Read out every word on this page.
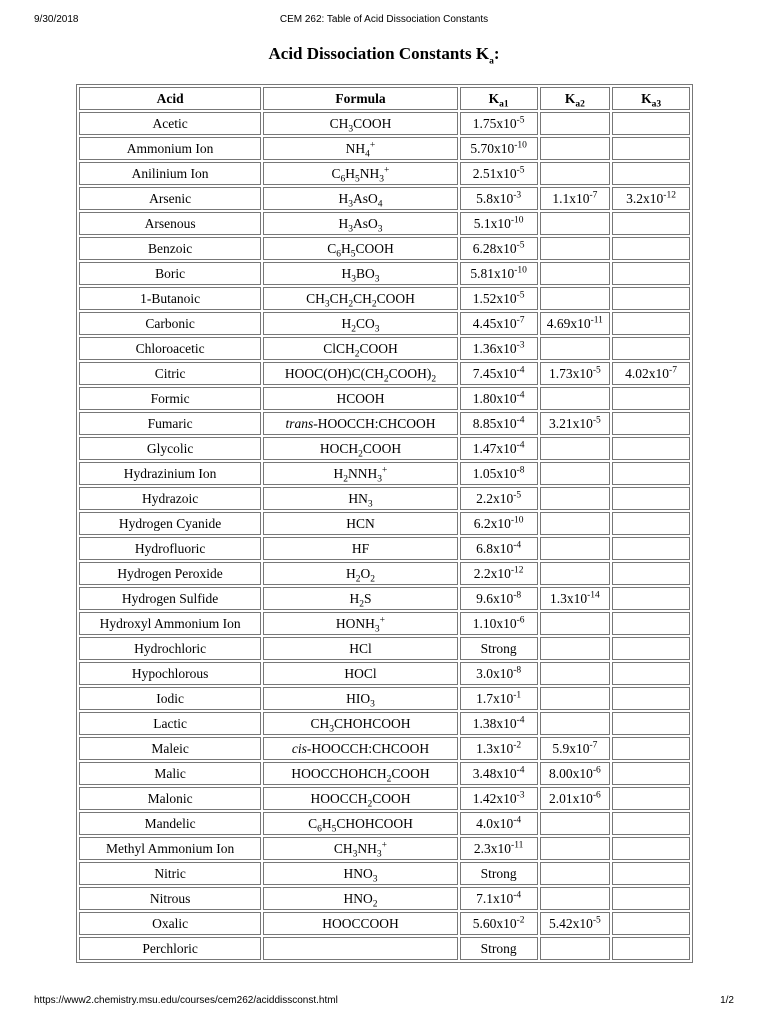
9/30/2018	CEM 262: Table of Acid Dissociation Constants
Acid Dissociation Constants $K_a$:
Acid	Formula	$K_{a1}$	$K_{a2}$	$K_{a3}$
Acetic	$CH_3COOH$	$1.75x10^{-5}$		
Ammonium Ion	$NH_4^+$	$5.70x10^{-10}$		
Anilinium Ion	$C_6H_5NH_3^+$	$2.51x10^{-5}$		
Arsenic	$H_3AsO_4$	$5.8x10^{-3}$	$1.1x10^{-7}$	$3.2x10^{-12}$
Arsenous	$H_3AsO_3$	$5.1x10^{-10}$		
Benzoic	$C_6H_5COOH$	$6.28x10^{-5}$		
Boric	$H_3BO_3$	$5.81x10^{-10}$		
1-Butanoic	$CH_3CH_2CH_2COOH$	$1.52x10^{-5}$		
Carbonic	$H_2CO_3$	$4.45x10^{-7}$	$4.69x10^{-11}$	
Chloroacetic	ClCH$_2$COOH	$1.36x10^{-3}$		
Citric	$HOOC(OH)C(CH_2COOH)_2$	$7.45x10^{-4}$	$1.73x10^{-5}$	$4.02x10^{-7}$
Formic	HCOOH	$1.80x10^{-4}$		
Fumaric	trans-HOOCCH:CHCOOH	$8.85x10^{-4}$	$3.21x10^{-5}$	
Glycolic	$HOCH_2COOH$	$1.47x10^{-4}$		
Hydrazinium Ion	$H_2NNH_3^+$	$1.05x10^{-8}$		
Hydrazoic	$HN_3$	$2.2x10^{-5}$		
Hydrogen Cyanide	HCN	$6.2x10^{-10}$		
Hydrofluoric	HF	$6.8x10^{-4}$		
Hydrogen Peroxide	$H_2O_2$	$2.2x10^{-12}$		
Hydrogen Sulfide	$H_2S$	$9.6x10^{-8}$	$1.3x10^{-14}$	
Hydroxyl Ammonium Ion	$HONH_3^+$	$1.10x10^{-6}$		
Hydrochloric	HCl	Strong		
Hypochlorous	HOCl	$3.0x10^{-8}$		
Iodic	$HIO_3$	$1.7x10^{-1}$		
Lactic	$CH_3CHOHCOOH$	$1.38x10^{-4}$		
Maleic	cis-HOOCCH:CHCOOH	$1.3x10^{-2}$	$5.9x10^{-7}$	
Malic	$HOOCCHOHCH_2COOH$	$3.48x10^{-4}$	$8.00x10^{-6}$	
Malonic	$HOOCCH_2COOH$	$1.42x10^{-3}$	$2.01x10^{-6}$	
Mandelic	$C_6H_5CHOHCOOH$	$4.0x10^{-4}$		
Methyl Ammonium Ion	$CH_3NH_3^+$	$2.3x10^{-11}$		
Nitric	$HNO_3$	Strong		
Nitrous	$HNO_2$	$7.1x10^{-4}$		
Oxalic	HOOCCOOH	$5.60x10^{-2}$	$5.42x10^{-5}$	
Perchloric		Strong		
https://www2.chemistry.msu.edu/courses/cem262/aciddissconst.html	1/2
